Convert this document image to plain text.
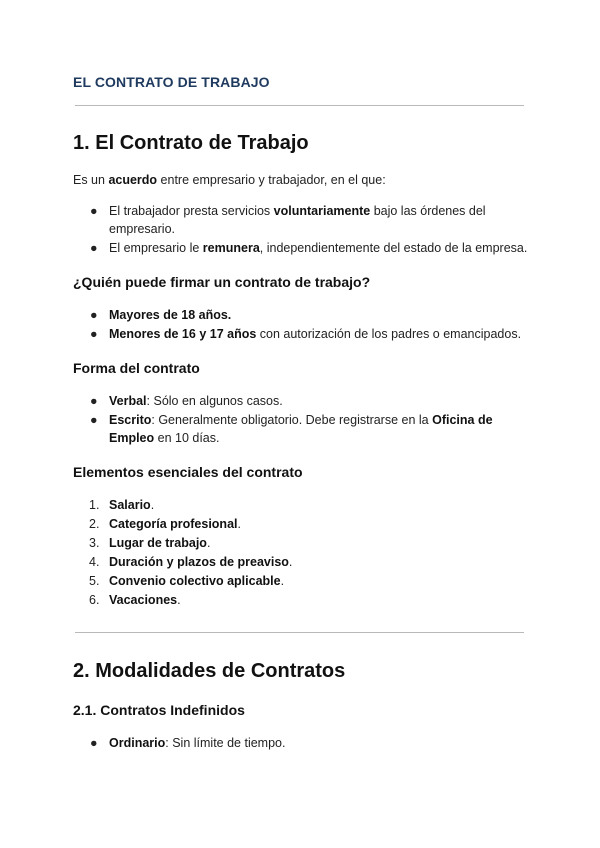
EL CONTRATO DE TRABAJO
1. El Contrato de Trabajo

Es un acuerdo entre empresario y trabajador, en el que:

● El trabajador presta servicios voluntariamente bajo las órdenes del empresario.
● El empresario le remunera, independientemente del estado de la empresa.
¿Quién puede firmar un contrato de trabajo?
● Mayores de 18 años.
● Menores de 16 y 17 años con autorización de los padres o emancipados.
Forma del contrato
● Verbal: Sólo en algunos casos.
● Escrito: Generalmente obligatorio. Debe registrarse en la Oficina de Empleo en 10 días.
Elementos esenciales del contrato
1. Salario.
2. Categoría profesional.
3. Lugar de trabajo.
4. Duración y plazos de preaviso.
5. Convenio colectivo aplicable.
6. Vacaciones.
2. Modalidades de Contratos
2.1. Contratos Indefinidos
● Ordinario: Sin límite de tiempo.
